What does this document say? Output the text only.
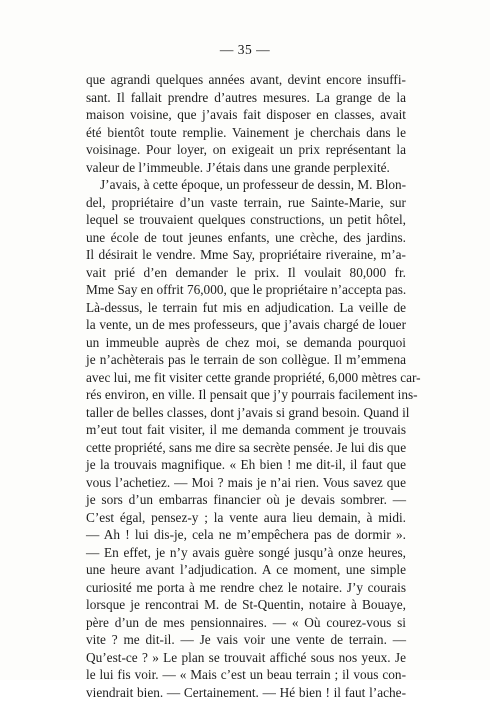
— 35 —
que agrandi quelques années avant, devint encore insuffi-
sant. Il fallait prendre d’autres mesures. La grange de la
maison voisine, que j’avais fait disposer en classes, avait
été bientôt toute remplie. Vainement je cherchais dans le
voisinage. Pour loyer, on exigeait un prix représentant la
valeur de l’immeuble. J’étais dans une grande perplexité.
J’avais, à cette époque, un professeur de dessin, M. Blon-
del, propriétaire d’un vaste terrain, rue Sainte-Marie, sur
lequel se trouvaient quelques constructions, un petit hôtel,
une école de tout jeunes enfants, une crèche, des jardins.
Il désirait le vendre. Mme Say, propriétaire riveraine, m’a-
vait prié d’en demander le prix. Il voulait 80,000 fr.
Mme Say en offrit 76,000, que le propriétaire n’accepta pas.
Là-dessus, le terrain fut mis en adjudication. La veille de
la vente, un de mes professeurs, que j’avais chargé de louer
un immeuble auprès de chez moi, se demanda pourquoi
je n’achèterais pas le terrain de son collègue. Il m’emmena
avec lui, me fit visiter cette grande propriété, 6,000 mètres car-
rés environ, en ville. Il pensait que j’y pourrais facilement ins-
taller de belles classes, dont j’avais si grand besoin. Quand il
m’eut tout fait visiter, il me demanda comment je trouvais
cette propriété, sans me dire sa secrète pensée. Je lui dis que
je la trouvais magnifique. « Eh bien ! me dit-il, il faut que
vous l’achetiez. — Moi ? mais je n’ai rien. Vous savez que
je sors d’un embarras financier où je devais sombrer. —
C’est égal, pensez-y ; la vente aura lieu demain, à midi.
— Ah ! lui dis-je, cela ne m’empêchera pas de dormir ».
— En effet, je n’y avais guère songé jusqu’à onze heures,
une heure avant l’adjudication. A ce moment, une simple
curiosité me porta à me rendre chez le notaire. J’y courais
lorsque je rencontrai M. de St-Quentin, notaire à Bouaye,
père d’un de mes pensionnaires. — « Où courez-vous si
vite ? me dit-il. — Je vais voir une vente de terrain. —
Qu’est-ce ? » Le plan se trouvait affiché sous nos yeux. Je
le lui fis voir. — « Mais c’est un beau terrain ; il vous con-
viendrait bien. — Certainement. — Hé bien ! il faut l’ache-
